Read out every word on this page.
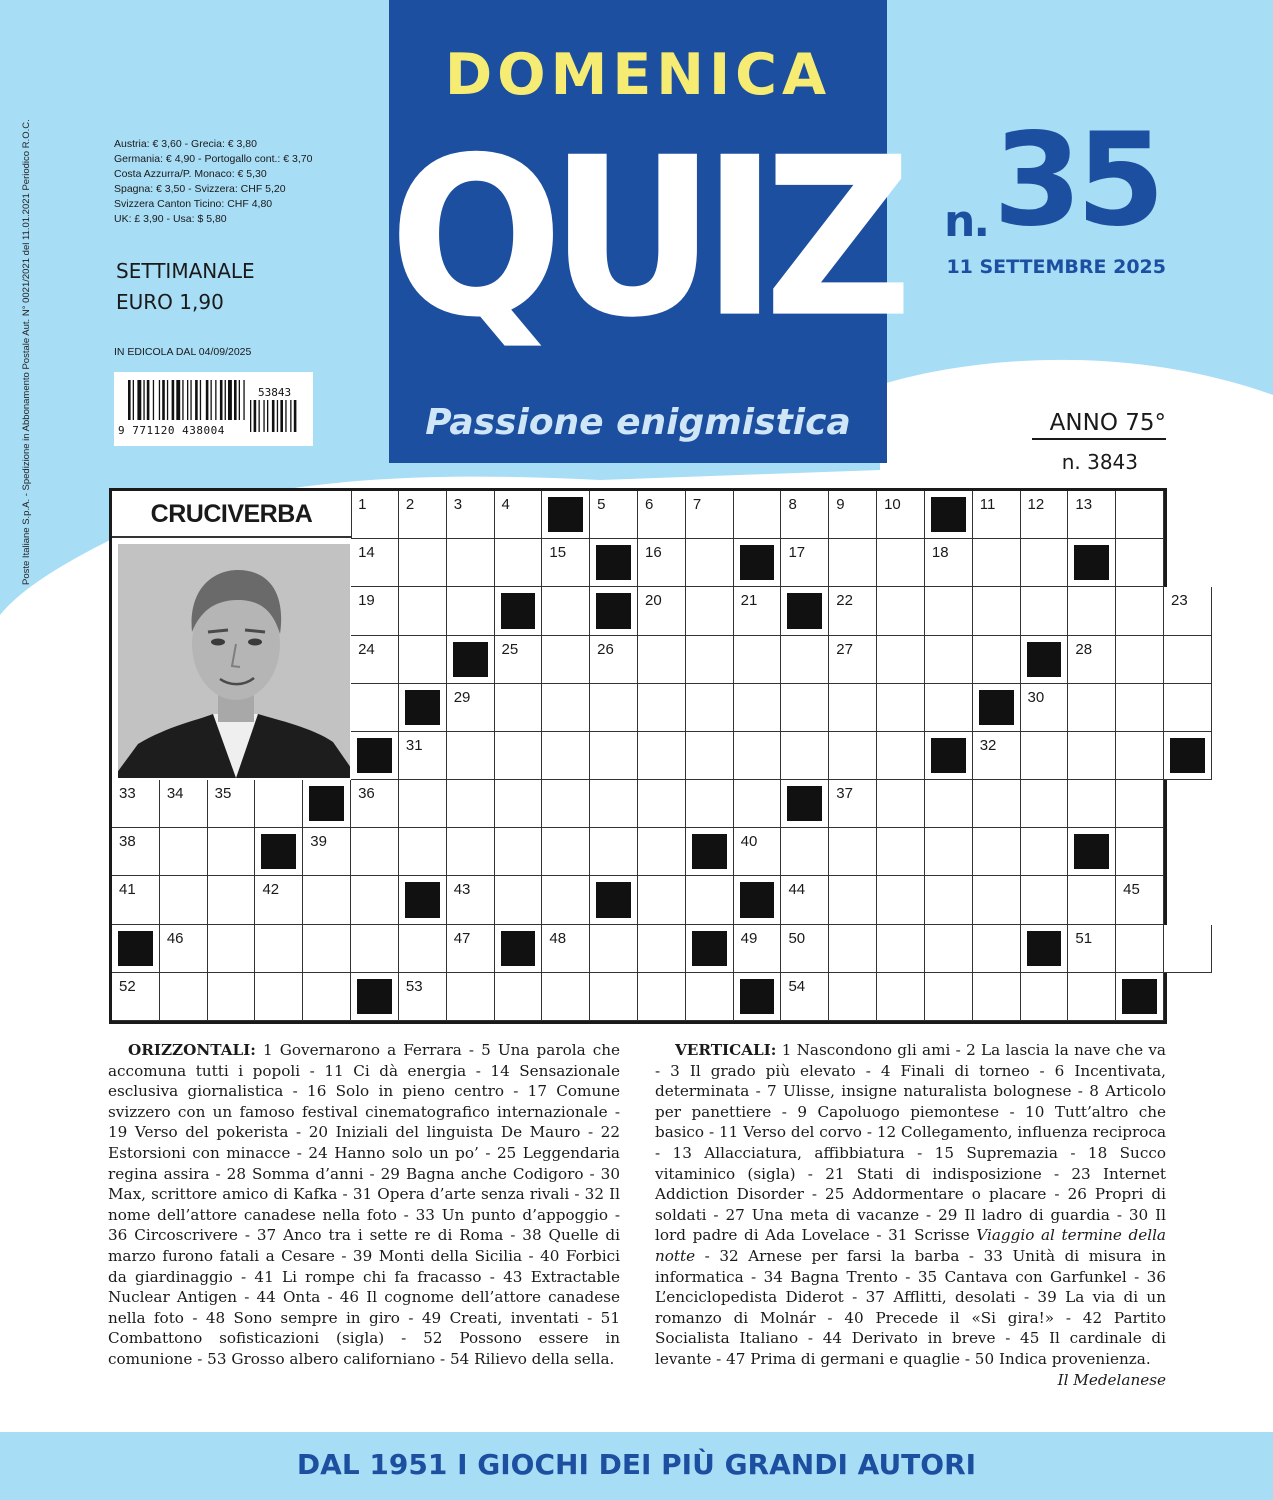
Poste Italiane S.p.A. - Spedizione in Abbonamento Postale Aut. N° 0021/2021 del 11.01.2021 Periodico R.O.C.	Austria: € 3,60 - Grecia: € 3,80
Germania: € 4,90 - Portogallo cont.: € 3,70
Costa Azzurra/P. Monaco: € 5,30
Spagna: € 3,50 - Svizzera: CHF 5,20
Svizzera Canton Ticino: CHF 4,80
UK: £ 3,90 - Usa: $ 5,80
SETTIMANALE
EURO 1,90
IN EDICOLA DAL 04/09/2025
9 771120 438004
53843
DOMENICA
QUIZ
Passione enigmistica
n. 35
11 SETTEMBRE 2025
ANNO 75°
n. 3843
1	2	3	4	5	6	7	8	9	10	11 12 13
14	15	16	17	18
19	20	21	22	23
24	25	26	27	28
29	30
31	32
33 34 35	36	37
38	39	40
41	42	43	44	45
46	47	48	49 50	51
52	53	54
CRUCIVERBA
ORIZZONTALI: 1 Governarono a Ferrara - 5 Una parola che accomuna tutti i popoli - 11 Ci dà energia - 14 Sensazionale esclusiva giornalistica - 16 Solo in pieno centro - 17 Comune svizzero con un famoso festival cinematografico internazionale - 19 Verso del pokerista - 20 Iniziali del linguista De Mauro - 22 Estorsioni con minacce - 24 Hanno solo un po’ - 25 Leggendaria regina assira - 28 Somma d’anni - 29 Bagna anche Codigoro - 30 Max, scrittore amico di Kafka - 31 Opera d’arte senza rivali - 32 Il nome dell’attore canadese nella foto - 33 Un punto d’appoggio - 36 Circoscrivere - 37 Anco tra i sette re di Roma - 38 Quelle di marzo furono fatali a Cesare - 39 Monti della Sicilia - 40 Forbici da giardinaggio - 41 Li rompe chi fa fracasso - 43 Extractable Nuclear Antigen - 44 Onta - 46 Il cognome dell’attore canadese nella foto - 48 Sono sempre in giro - 49 Creati, inventati - 51 Combattono sofisticazioni (sigla) - 52 Possono essere in comunione - 53 Grosso albero californiano - 54 Rilievo della sella.
VERTICALI: 1 Nascondono gli ami - 2 La lascia la nave che va - 3 Il grado più elevato - 4 Finali di torneo - 6 Incentivata, determinata - 7 Ulisse, insigne naturalista bolognese - 8 Articolo per panettiere - 9 Capoluogo piemontese - 10 Tutt’altro che basico - 11 Verso del corvo - 12 Collegamento, influenza reciproca - 13 Allacciatura, affibbiatura - 15 Supremazia - 18 Succo vitaminico (sigla) - 21 Stati di indisposizione - 23 Internet Addiction Disorder - 25 Addormentare o placare - 26 Propri di soldati - 27 Una meta di vacanze - 29 Il ladro di guardia - 30 Il lord padre di Ada Lovelace - 31 Scrisse Viaggio al termine della notte - 32 Arnese per farsi la barba - 33 Unità di misura in informatica - 34 Bagna Trento - 35 Cantava con Garfunkel - 36 L’enciclopedista Diderot - 37 Afflitti, desolati - 39 La via di un romanzo di Molnár - 40 Precede il «Si gira!» - 42 Partito Socialista Italiano - 44 Derivato in breve - 45 Il cardinale di levante - 47 Prima di germani e quaglie - 50 Indica provenienza.
Il Medelanese
DAL 1951 I GIOCHI DEI PIÙ GRANDI AUTORI
